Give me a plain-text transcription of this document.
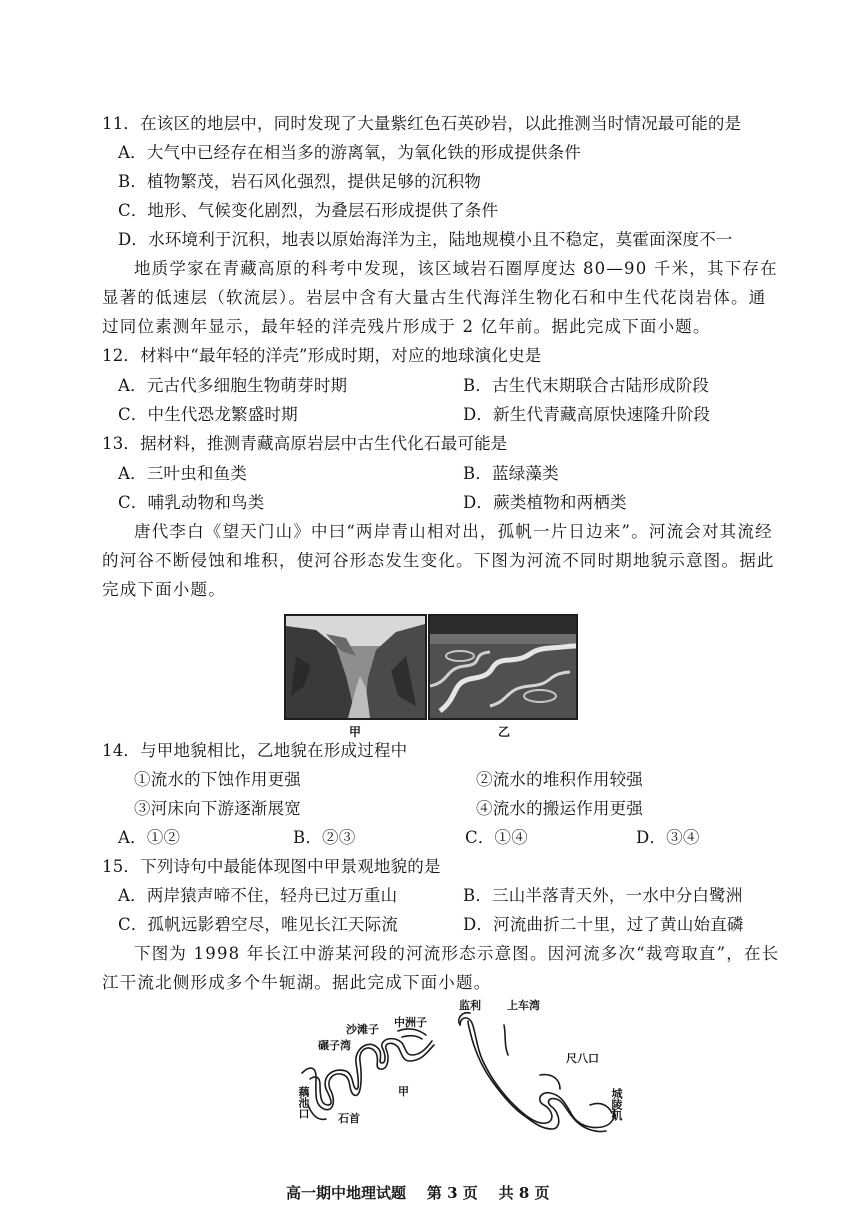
11．在该区的地层中，同时发现了大量紫红色石英砂岩，以此推测当时情况最可能的是
A．大气中已经存在相当多的游离氧，为氧化铁的形成提供条件
B．植物繁茂，岩石风化强烈，提供足够的沉积物
C．地形、气候变化剧烈，为叠层石形成提供了条件
D．水环境利于沉积，地表以原始海洋为主，陆地规模小且不稳定，莫霍面深度不一
地质学家在青藏高原的科考中发现，该区域岩石圈厚度达 80—90 千米，其下存在
显著的低速层（软流层）。岩层中含有大量古生代海洋生物化石和中生代花岗岩体。通
过同位素测年显示，最年轻的洋壳残片形成于 2 亿年前。据此完成下面小题。
12．材料中“最年轻的洋壳”形成时期，对应的地球演化史是
A．元古代多细胞生物萌芽时期	B．古生代末期联合古陆形成阶段
C．中生代恐龙繁盛时期	D．新生代青藏高原快速隆升阶段
13．据材料，推测青藏高原岩层中古生代化石最可能是
A．三叶虫和鱼类	B．蓝绿藻类
C．哺乳动物和鸟类	D．蕨类植物和两栖类
唐代李白《望天门山》中曰“两岸青山相对出，孤帆一片日边来”。河流会对其流经
的河谷不断侵蚀和堆积，使河谷形态发生变化。下图为河流不同时期地貌示意图。据此
完成下面小题。
甲	乙
14．与甲地貌相比，乙地貌在形成过程中
①流水的下蚀作用更强	②流水的堆积作用较强
③河床向下游逐渐展宽	④流水的搬运作用更强
A．①②	B．②③	C．①④	D．③④
15．下列诗句中最能体现图中甲景观地貌的是
A．两岸猿声啼不住，轻舟已过万重山	B．三山半落青天外，一水中分白鹭洲
C．孤帆远影碧空尽，唯见长江天际流	D．河流曲折二十里，过了黄山始直磷
下图为 1998 年长江中游某河段的河流形态示意图。因河流多次“裁弯取直”，在长
江干流北侧形成多个牛轭湖。据此完成下面小题。
沙滩子
中洲子
碾子湾
藕池口	石首
甲
监利 上车湾
尺八口
城陵矶
高一期中地理试题    第 3 页    共 8 页
